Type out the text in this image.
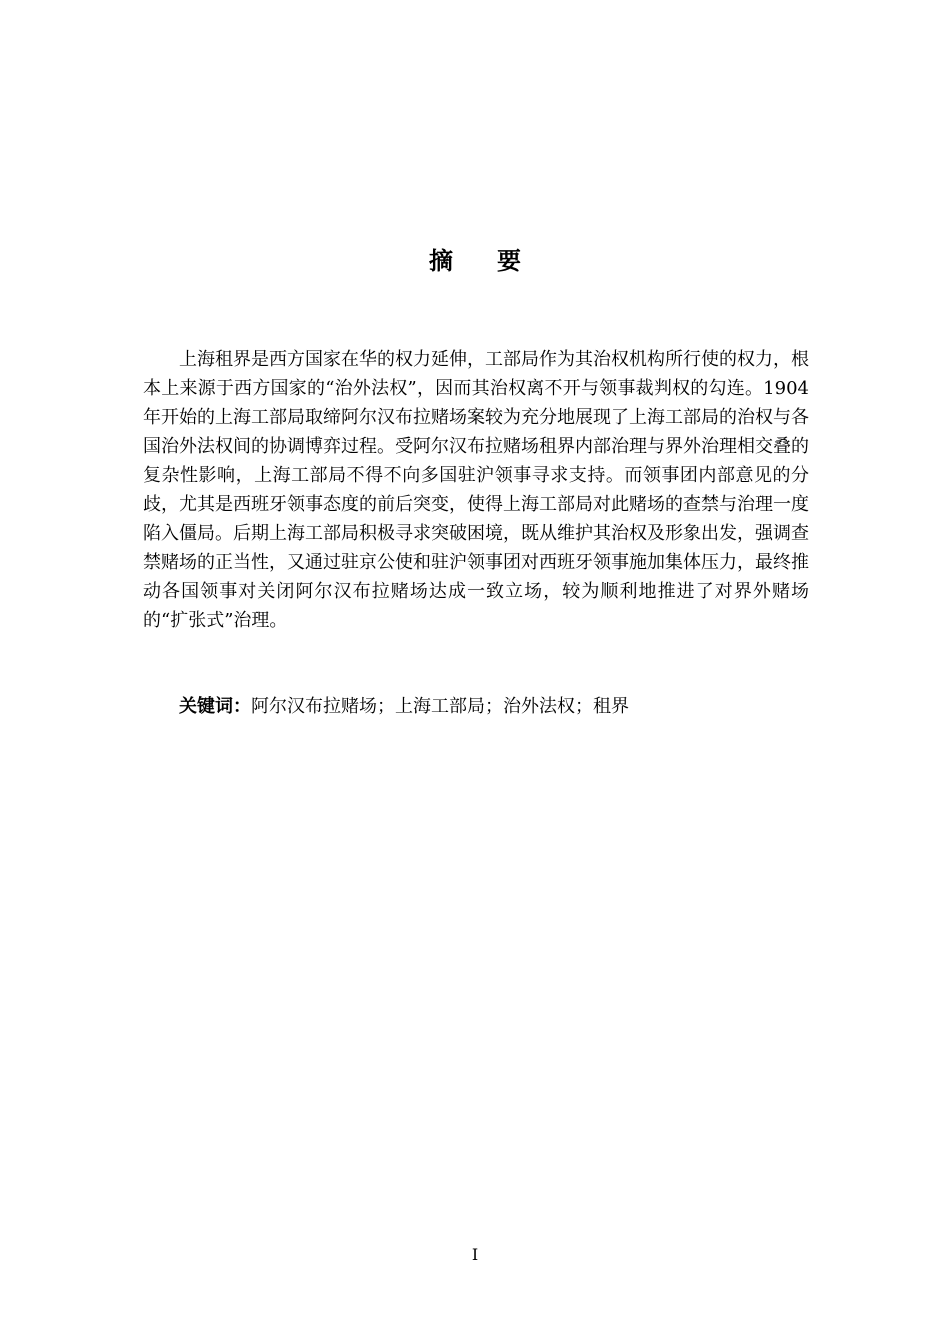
摘要

上海租界是西方国家在华的权力延伸，工部局作为其治权机构所行使的权力，根本上来源于西方国家的“治外法权”，因而其治权离不开与领事裁判权的勾连。1904年开始的上海工部局取缔阿尔汉布拉赌场案较为充分地展现了上海工部局的治权与各国治外法权间的协调博弈过程。受阿尔汉布拉赌场租界内部治理与界外治理相交叠的复杂性影响，上海工部局不得不向多国驻沪领事寻求支持。而领事团内部意见的分歧，尤其是西班牙领事态度的前后突变，使得上海工部局对此赌场的查禁与治理一度陷入僵局。后期上海工部局积极寻求突破困境，既从维护其治权及形象出发，强调查禁赌场的正当性，又通过驻京公使和驻沪领事团对西班牙领事施加集体压力，最终推动各国领事对关闭阿尔汉布拉赌场达成一致立场，较为顺利地推进了对界外赌场的“扩张式”治理。

关键词：阿尔汉布拉赌场；上海工部局；治外法权；租界

I
